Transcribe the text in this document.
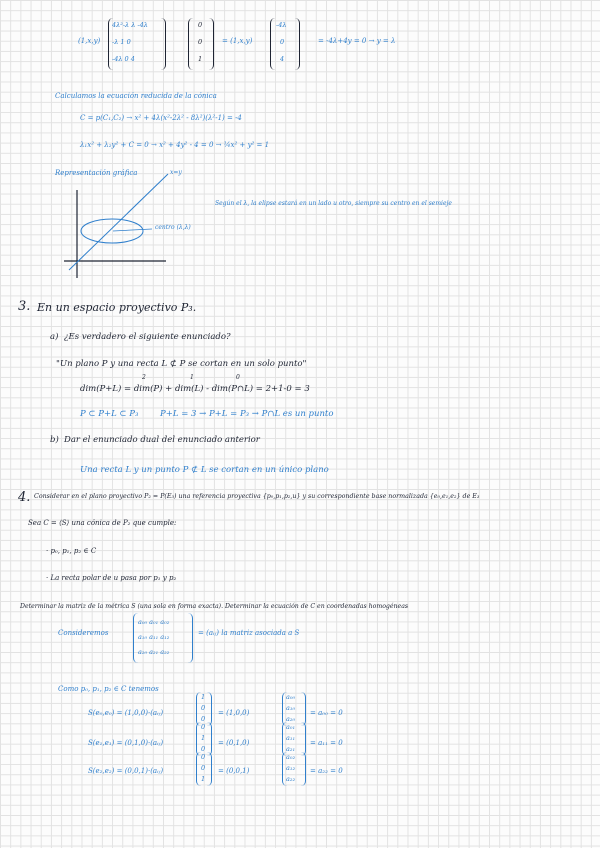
(1,x,y)
4λ²-λ λ -4λ
-λ 1 0
-4λ 0 4
0
0
1
= (1,x,y)
-4λ
0
4
= -4λ+4y = 0 → y = λ
Calculamos la ecuación reducida de la cónica
C = p(C₁,C₂) → x² + 4λ(x²-2λ² - 8λ²)(λ²-1) = -4
λ₁x² + λ₂y² + C = 0 → x² + 4y² - 4 = 0 → ¼x² + y² = 1
Representación gráfica	x=y
centro (λ,λ)
Según el λ, la elipse estará en un lado u otro, siempre su centro en el semieje
3. En un espacio proyectivo P₃.
a) ¿Es verdadero el siguiente enunciado?
"Un plano P y una recta L ⊄ P se cortan en un solo punto"
dim(P+L) = dim(P) + dim(L) - dim(P∩L) = 2+1-0 = 3
2	1	0
P ⊂ P+L ⊂ P₃	P+L = 3 → P+L = P₃ → P∩L es un punto
b) Dar el enunciado dual del enunciado anterior
Una recta L y un punto P ⊄ L se cortan en un único plano
4. Considerar en el plano proyectivo P₂ = P(E₃) una referencia proyectiva {p₀,p₁,p₂,u} y su correspondiente base normalizada {e₀,e₁,e₂} de E₃
Sea C = ⟨S⟩ una cónica de P₂ que cumple:
· p₀, p₁, p₂ ∈ C
· La recta polar de u pasa por p₁ y p₂
Determinar la matriz de la métrica S (una sola en forma exacta). Determinar la ecuación de C en coordenadas homogéneas
Consideremos
a₀₀ a₀₁ a₀₂
a₁₀ a₁₁ a₁₂
a₂₀ a₂₁ a₂₂
= (aᵢⱼ) la matriz asociada a S
Como p₀, p₁, p₂ ∈ C tenemos
S(e₀,e₀) = (1,0,0)·(aᵢⱼ)
1
0
0
= (1,0,0)
a₀₀
a₁₀
a₂₀
= a₀₀ = 0
S(e₁,e₁) = (0,1,0)·(aᵢⱼ)
0
1
0
= (0,1,0)
a₀₁
a₁₁
a₂₁
= a₁₁ = 0
S(e₂,e₂) = (0,0,1)·(aᵢⱼ)
0
0
1
= (0,0,1)
a₀₂
a₁₂
a₂₂
= a₂₂ = 0
